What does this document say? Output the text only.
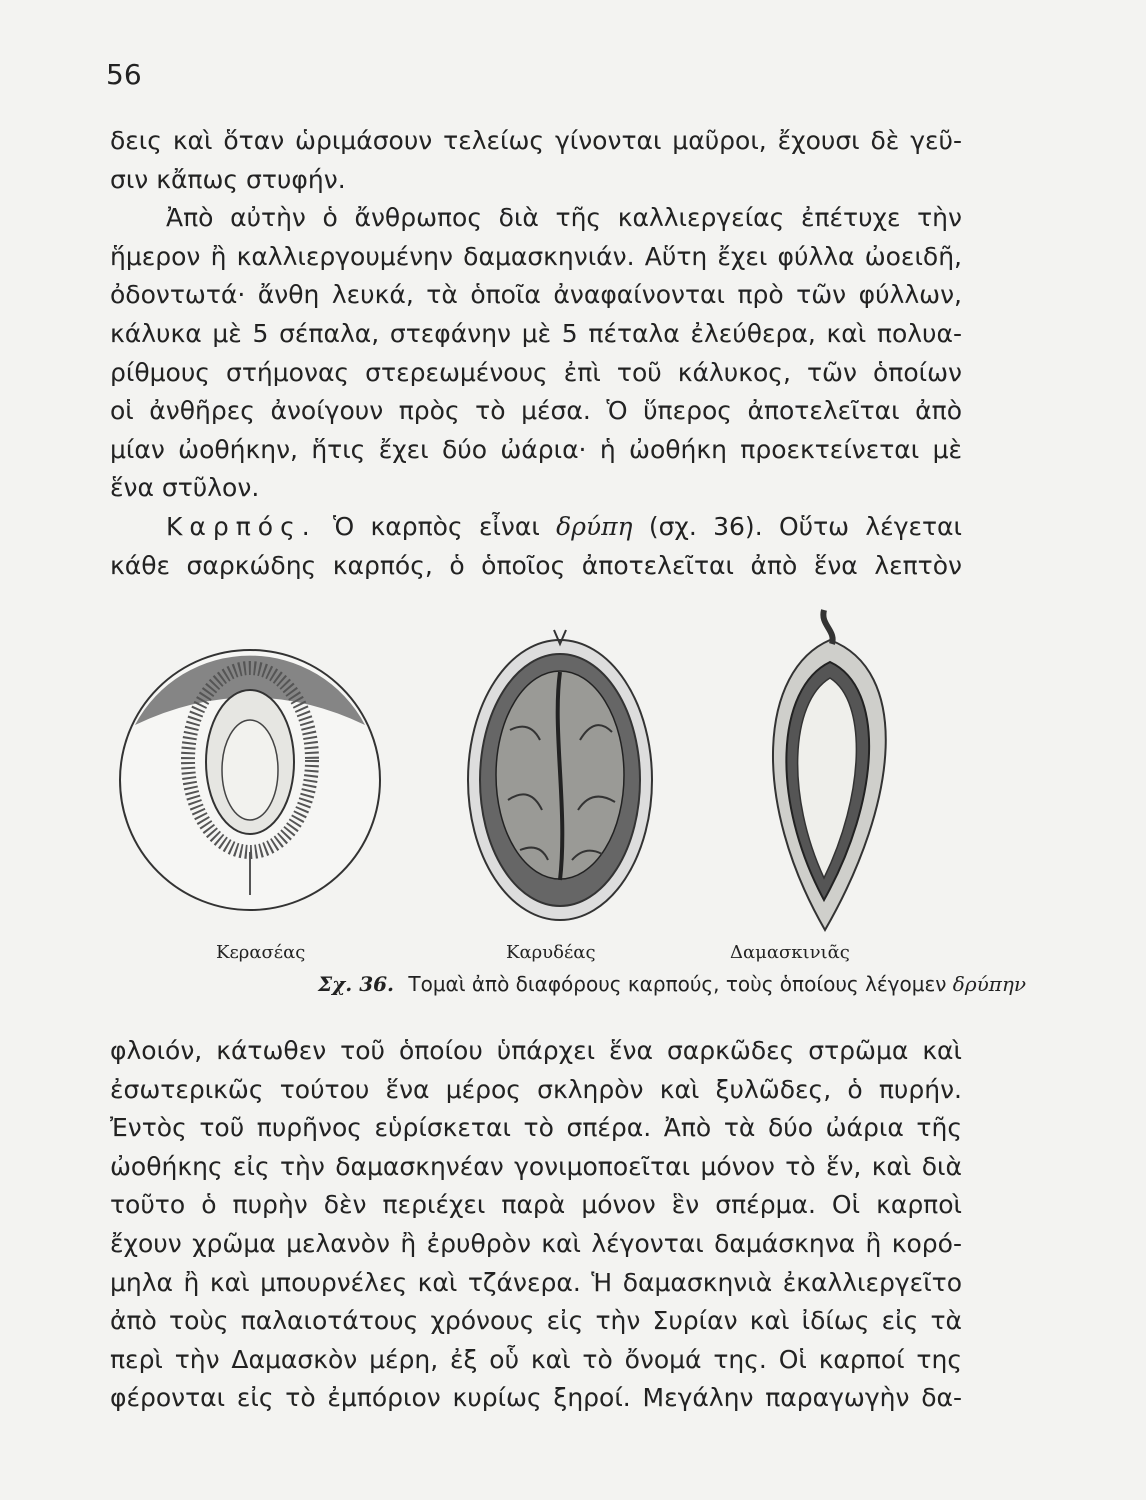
56
δεις καὶ ὅταν ὡριμάσουν τελείως γίνονται μαῦροι, ἔχουσι δὲ γεῦ-
σιν κἄπως στυφήν.
Ἀπὸ αὐτὴν ὁ ἄνθρωπος διὰ τῆς καλλιεργείας ἐπέτυχε τὴν
ἥμερον ἢ καλλιεργουμένην δαμασκηνιάν. Αὕτη ἔχει φύλλα ὠοειδῆ,
ὀδοντωτά· ἄνθη λευκά, τὰ ὁποῖα ἀναφαίνονται πρὸ τῶν φύλλων,
κάλυκα μὲ 5 σέπαλα, στεφάνην μὲ 5 πέταλα ἐλεύθερα, καὶ πολυα-
ρίθμους στήμονας στερεωμένους ἐπὶ τοῦ κάλυκος, τῶν ὁποίων
οἱ ἀνθῆρες ἀνοίγουν πρὸς τὸ μέσα. Ὁ ὕπερος ἀποτελεῖται ἀπὸ
μίαν ὠοθήκην, ἥτις ἔχει δύο ὠάρια· ἡ ὠοθήκη προεκτείνεται μὲ
ἕνα στῦλον.
Καρπός. Ὁ καρπὸς εἶναι δρύπη (σχ. 36). Οὕτω λέγεται
κάθε σαρκώδης καρπός, ὁ ὁποῖος ἀποτελεῖται ἀπὸ ἕνα λεπτὸν
Κερασέας	Καρυδέας	Δαμασκινιᾶς
Σχ. 36. Τομαὶ ἀπὸ διαφόρους καρπούς, τοὺς ὁποίους λέγομεν δρύπην
φλοιόν, κάτωθεν τοῦ ὁποίου ὑπάρχει ἕνα σαρκῶδες στρῶμα καὶ
ἐσωτερικῶς τούτου ἕνα μέρος σκληρὸν καὶ ξυλῶδες, ὁ πυρήν.
Ἐντὸς τοῦ πυρῆνος εὑρίσκεται τὸ σπέρα. Ἀπὸ τὰ δύο ὠάρια τῆς
ὠοθήκης εἰς τὴν δαμασκηνέαν γονιμοποεῖται μόνον τὸ ἕν, καὶ διὰ
τοῦτο ὁ πυρὴν δὲν περιέχει παρὰ μόνον ἓν σπέρμα. Οἱ καρποὶ
ἔχουν χρῶμα μελανὸν ἢ ἐρυθρὸν καὶ λέγονται δαμάσκηνα ἢ κορό-
μηλα ἢ καὶ μπουρνέλες καὶ τζάνερα. Ἡ δαμασκηνιὰ ἐκαλλιεργεῖτο
ἀπὸ τοὺς παλαιοτάτους χρόνους εἰς τὴν Συρίαν καὶ ἰδίως εἰς τὰ
περὶ τὴν Δαμασκὸν μέρη, ἐξ οὗ καὶ τὸ ὄνομά της. Οἱ καρποί της
φέρονται εἰς τὸ ἐμπόριον κυρίως ξηροί. Μεγάλην παραγωγὴν δα-
